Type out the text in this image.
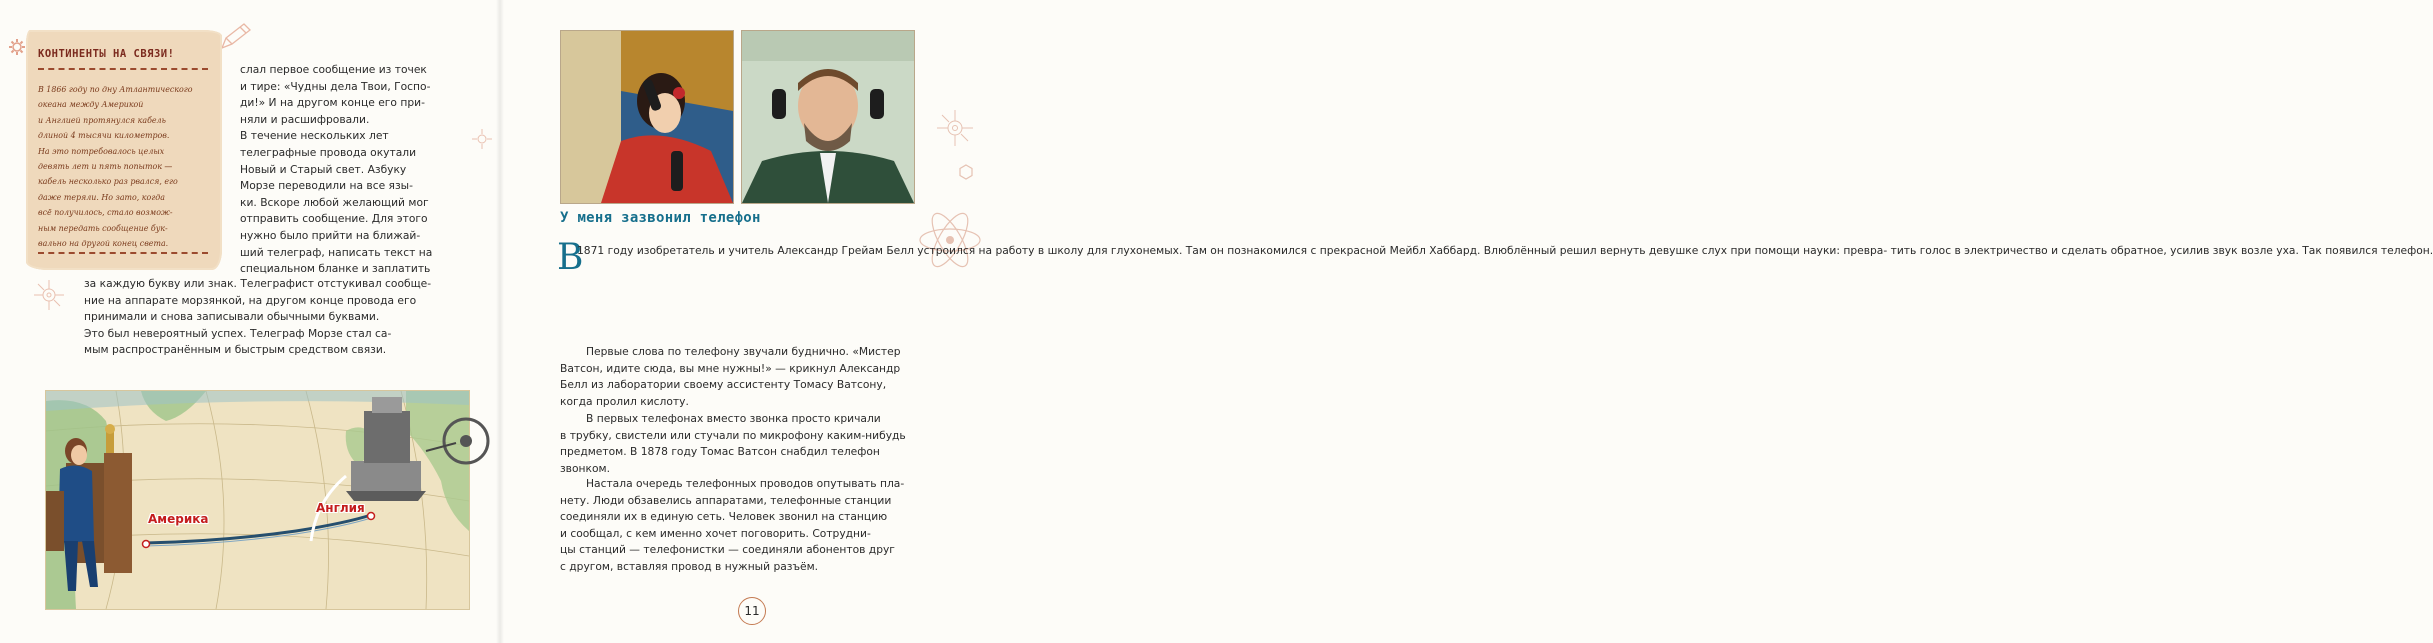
КОНТИНЕНТЫ НА СВЯЗИ!
В 1866 году по дну Атлантического
океана между Америкой
и Англией протянулся кабель
длиной 4 тысячи километров.
На это потребовалось целых
девять лет и пять попыток —
кабель несколько раз рвался, его
даже теряли. Но зато, когда
всё получилось, стало возмож-
ным передать сообщение бук-
вально на другой конец света.
слал первое сообщение из точек
и тире: «Чудны дела Твои, Госпо-
ди!» И на другом конце его при-
няли и расшифровали.
В течение нескольких лет
телеграфные провода окутали
Новый и Старый свет. Азбуку
Морзе переводили на все язы-
ки. Вскоре любой желающий мог
отправить сообщение. Для этого
нужно было прийти на ближай-
ший телеграф, написать текст на
специальном бланке и заплатить
за каждую букву или знак. Телеграфист отстукивал сообще-
ние на аппарате морзянкой, на другом конце провода его
принимали и снова записывали обычными буквами.
Это был невероятный успех. Телеграф Морзе стал са-
мым распространённым и быстрым средством связи.
Америка
Англия
У меня зазвонил телефон
В
1871 году изобретатель и учитель Александр Грейам Белл устроился на работу в школу для глухонемых. Там он познакомился с прекрасной Мейбл Хаббард. Влюблённый решил вернуть девушке слух при помощи науки: превра- тить голос в электричество и сделать обратное, усилив звук возле уха. Так появился телефон.
Первые слова по телефону звучали буднично. «Мистер
Ватсон, идите сюда, вы мне нужны!» — крикнул Александр
Белл из лаборатории своему ассистенту Томасу Ватсону,
когда пролил кислоту.
В первых телефонах вместо звонка просто кричали
в трубку, свистели или стучали по микрофону каким-нибудь
предметом. В 1878 году Томас Ватсон снабдил телефон
звонком.
Настала очередь телефонных проводов опутывать пла-
нету. Люди обзавелись аппаратами, телефонные станции
соединяли их в единую сеть. Человек звонил на станцию
и сообщал, с кем именно хочет поговорить. Сотрудни-
цы станций — телефонистки — соединяли абонентов друг
с другом, вставляя провод в нужный разъём.
11
